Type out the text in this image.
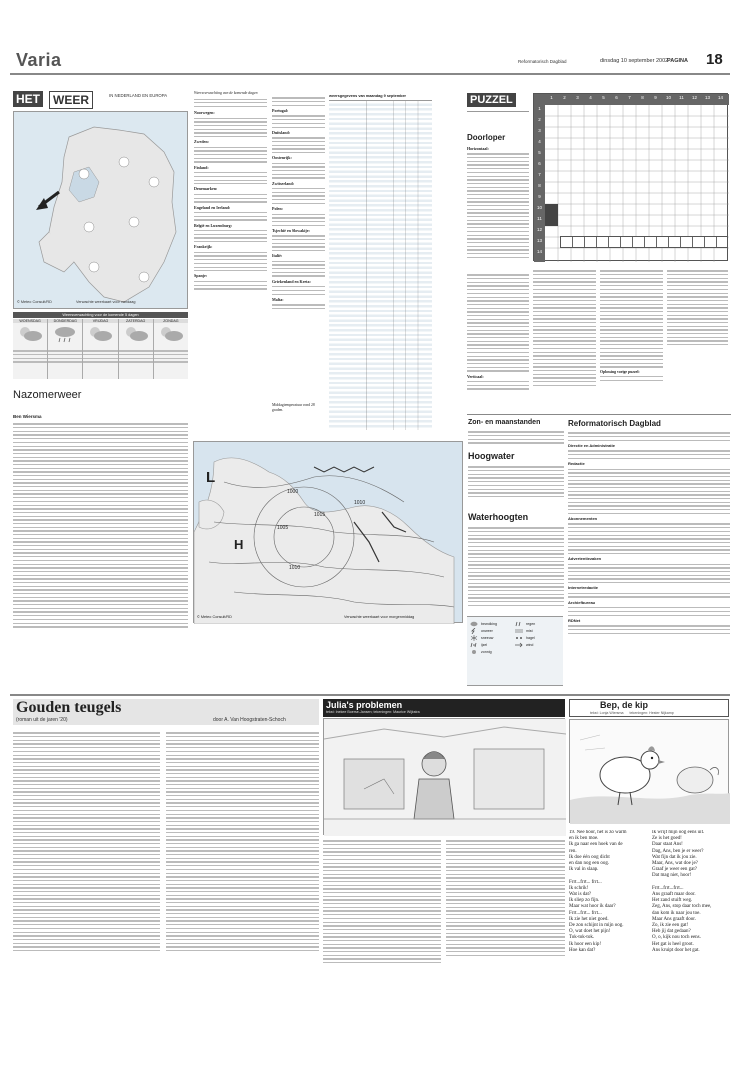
Varia	Reformatorisch Dagblad	dinsdag 10 september 2002
PAGINA 18
HET	WEER	IN NEDERLAND EN EUROPA
Verwachte weerkaart voor vandaag
© Meteo Consult/RD
Weersverwachting voor de komende 5 dagen
WOENSDAG	DONDERDAG	VRIJDAG	ZATERDAG	ZONDAG
Nazomerweer
Ben Wiersma
Weersverwachting van de komende dagen
Noorwegen:
Zweden:
Finland:
Denemarken:
Engeland en Ierland:
België en Luxemburg:
Frankrijk:
Spanje:
Portugal:
Duitsland:
Oostenrijk:
Zwitserland:
Polen:
Tsjechië en Slowakije:
Italië:
Griekenland en Kreta:
Malta:
weersgegevens van maandag 9 september
L
H
1000
1005
1010
1015
1010
© Meteo Consult/RD	Verwachte weerkaart voor morgenmiddag
Middagtemperatuur rond 28 graden.
PUZZEL
Doorloper
Horizontaal:
Verticaal:
1	2	3	4	5	6	7	8	9	10	11	12	13	14
1
2
3
4
5
6
7
8
9
10
11
12
13
14
Oplossing vorige puzzel:
Zon- en maanstanden
Hoogwater
Waterhoogten
bewolking	regen
onweer	mist
sneeuw	hagel
ijzel	wind
zonnig
Reformatorisch Dagblad
Directie en Administratie
Redactie
Abonnementen
Advertentiezaken
Internetredactie
Archiefbureau
RDNet
Gouden teugels
(roman uit de jaren '20)	door A. Van Hoogstraten-Schoch
Julia's problemen
tekst: Inekee Boerse-Jansen; tekeningen: Maurice Wijkstra
Bep, de kip
tekst: Lonja Wiersma      tekeningen: Hester Nijkamp
19. Nee hoor, het is zo warm
en ik ben moe.
Ik ga naar een hoek van de
ren.
Ik doe één oog dicht
en dan nog een oog.
Ik val in slaap.
Frrt...frrt... frrt...
Ik schrik!
Wat is dat?
Ik sliep zo fijn.
Maar wat hoor ik daar?
Frrt...frrt... frrt...
Ik zie het niet goed.
De zon schijnt in mijn oog.
O, wat doet het pijn!
Tok-tok-tok.
Ik hoor een kip!
Hoe kan dat?
Ik wrijf mijn oog eens uit.
Ze is het goed!
Daar staat Ans!
Dag, Ans, ben je er weer?
Wat fijn dat ik jou zie.
Maar, Ans, wat doe je?
Graaf je weer een gat?
Dat mag niet, hoor!
Frrt...frrt...frrt...
Ans graaft maar door.
Het zand stuift weg.
Zeg, Ans, stop daar toch mee,
dan kom ik naar jou toe.
Maar Ans graaft door.
Zo, ik zie een gat!
Heb jij dat gedaan?
O, o, kijk nou toch eens.
Het gat is heel groot.
Ans kruipt door het gat.
